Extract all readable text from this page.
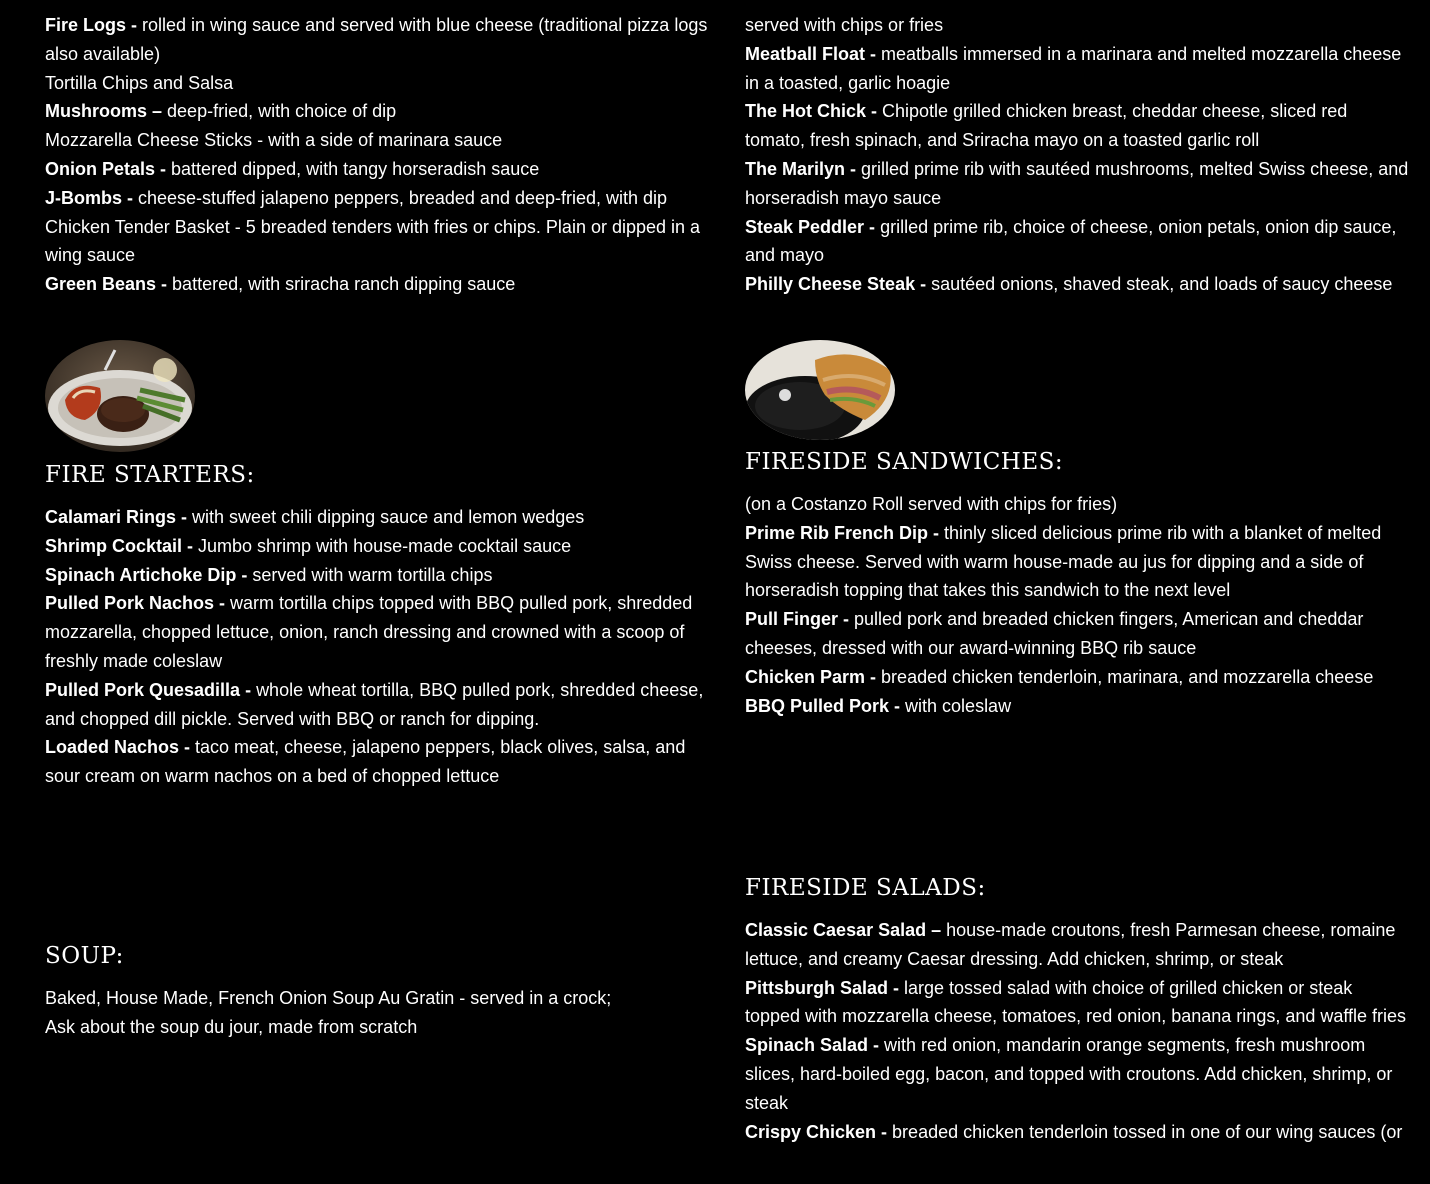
Fire Logs - rolled in wing sauce and served with blue cheese (traditional pizza logs also available)

Tortilla Chips and Salsa

Mushrooms – deep-fried, with choice of dip

Mozzarella Cheese Sticks - with a side of marinara sauce

Onion Petals - battered dipped, with tangy horseradish sauce

J-Bombs - cheese-stuffed jalapeno peppers, breaded and deep-fried, with dip

Chicken Tender Basket - 5 breaded tenders with fries or chips. Plain or dipped in a wing sauce

Green Beans - battered, with sriracha ranch dipping sauce

served with chips or fries

Meatball Float - meatballs immersed in a marinara and melted mozzarella cheese in a toasted, garlic hoagie

The Hot Chick - Chipotle grilled chicken breast, cheddar cheese, sliced red tomato, fresh spinach, and Sriracha mayo on a toasted garlic roll

The Marilyn - grilled prime rib with sautéed mushrooms, melted Swiss cheese, and horseradish mayo sauce

Steak Peddler - grilled prime rib, choice of cheese, onion petals, onion dip sauce, and mayo

Philly Cheese Steak - sautéed onions, shaved steak, and loads of saucy cheese

FIRE STARTERS:

Calamari Rings - with sweet chili dipping sauce and lemon wedges

Shrimp Cocktail - Jumbo shrimp with house-made cocktail sauce

Spinach Artichoke Dip - served with warm tortilla chips

Pulled Pork Nachos - warm tortilla chips topped with BBQ pulled pork, shredded mozzarella, chopped lettuce, onion, ranch dressing and crowned with a scoop of freshly made coleslaw

Pulled Pork Quesadilla - whole wheat tortilla, BBQ pulled pork, shredded cheese, and chopped dill pickle. Served with BBQ or ranch for dipping.

Loaded Nachos - taco meat, cheese, jalapeno peppers, black olives, salsa, and sour cream on warm nachos on a bed of chopped lettuce

FIRESIDE SANDWICHES:

(on a Costanzo Roll served with chips for fries)

Prime Rib French Dip - thinly sliced delicious prime rib with a blanket of melted Swiss cheese. Served with warm house-made au jus for dipping and a side of horseradish topping that takes this sandwich to the next level

Pull Finger - pulled pork and breaded chicken fingers, American and cheddar cheeses, dressed with our award-winning BBQ rib sauce

Chicken Parm - breaded chicken tenderloin, marinara, and mozzarella cheese

BBQ Pulled Pork - with coleslaw

SOUP:

Baked, House Made, French Onion Soup Au Gratin - served in a crock;

Ask about the soup du jour, made from scratch

FIRESIDE SALADS:

Classic Caesar Salad – house-made croutons, fresh Parmesan cheese, romaine lettuce, and creamy Caesar dressing. Add chicken, shrimp, or steak

Pittsburgh Salad - large tossed salad with choice of grilled chicken or steak topped with mozzarella cheese, tomatoes, red onion, banana rings, and waffle fries

Spinach Salad - with red onion, mandarin orange segments, fresh mushroom slices, hard-boiled egg, bacon, and topped with croutons. Add chicken, shrimp, or steak

Crispy Chicken - breaded chicken tenderloin tossed in one of our wing sauces (or
